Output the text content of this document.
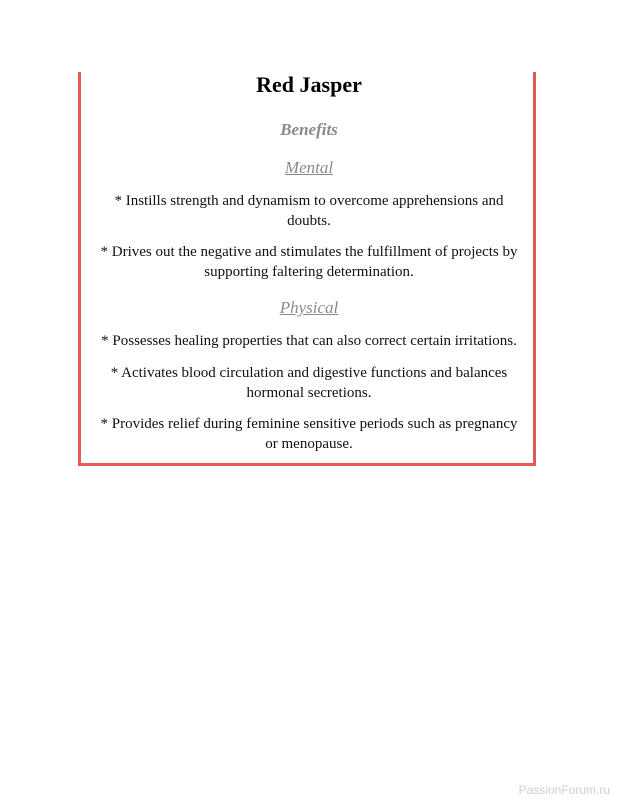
Red Jasper
Benefits
Mental
* Instills strength and dynamism to overcome apprehensions and doubts.
* Drives out the negative and stimulates the fulfillment of projects by supporting faltering determination.
Physical
* Possesses healing properties that can also correct certain irritations.
* Activates blood circulation and digestive functions and balances hormonal secretions.
* Provides relief during feminine sensitive periods such as pregnancy or menopause.
PassionForum.ru
